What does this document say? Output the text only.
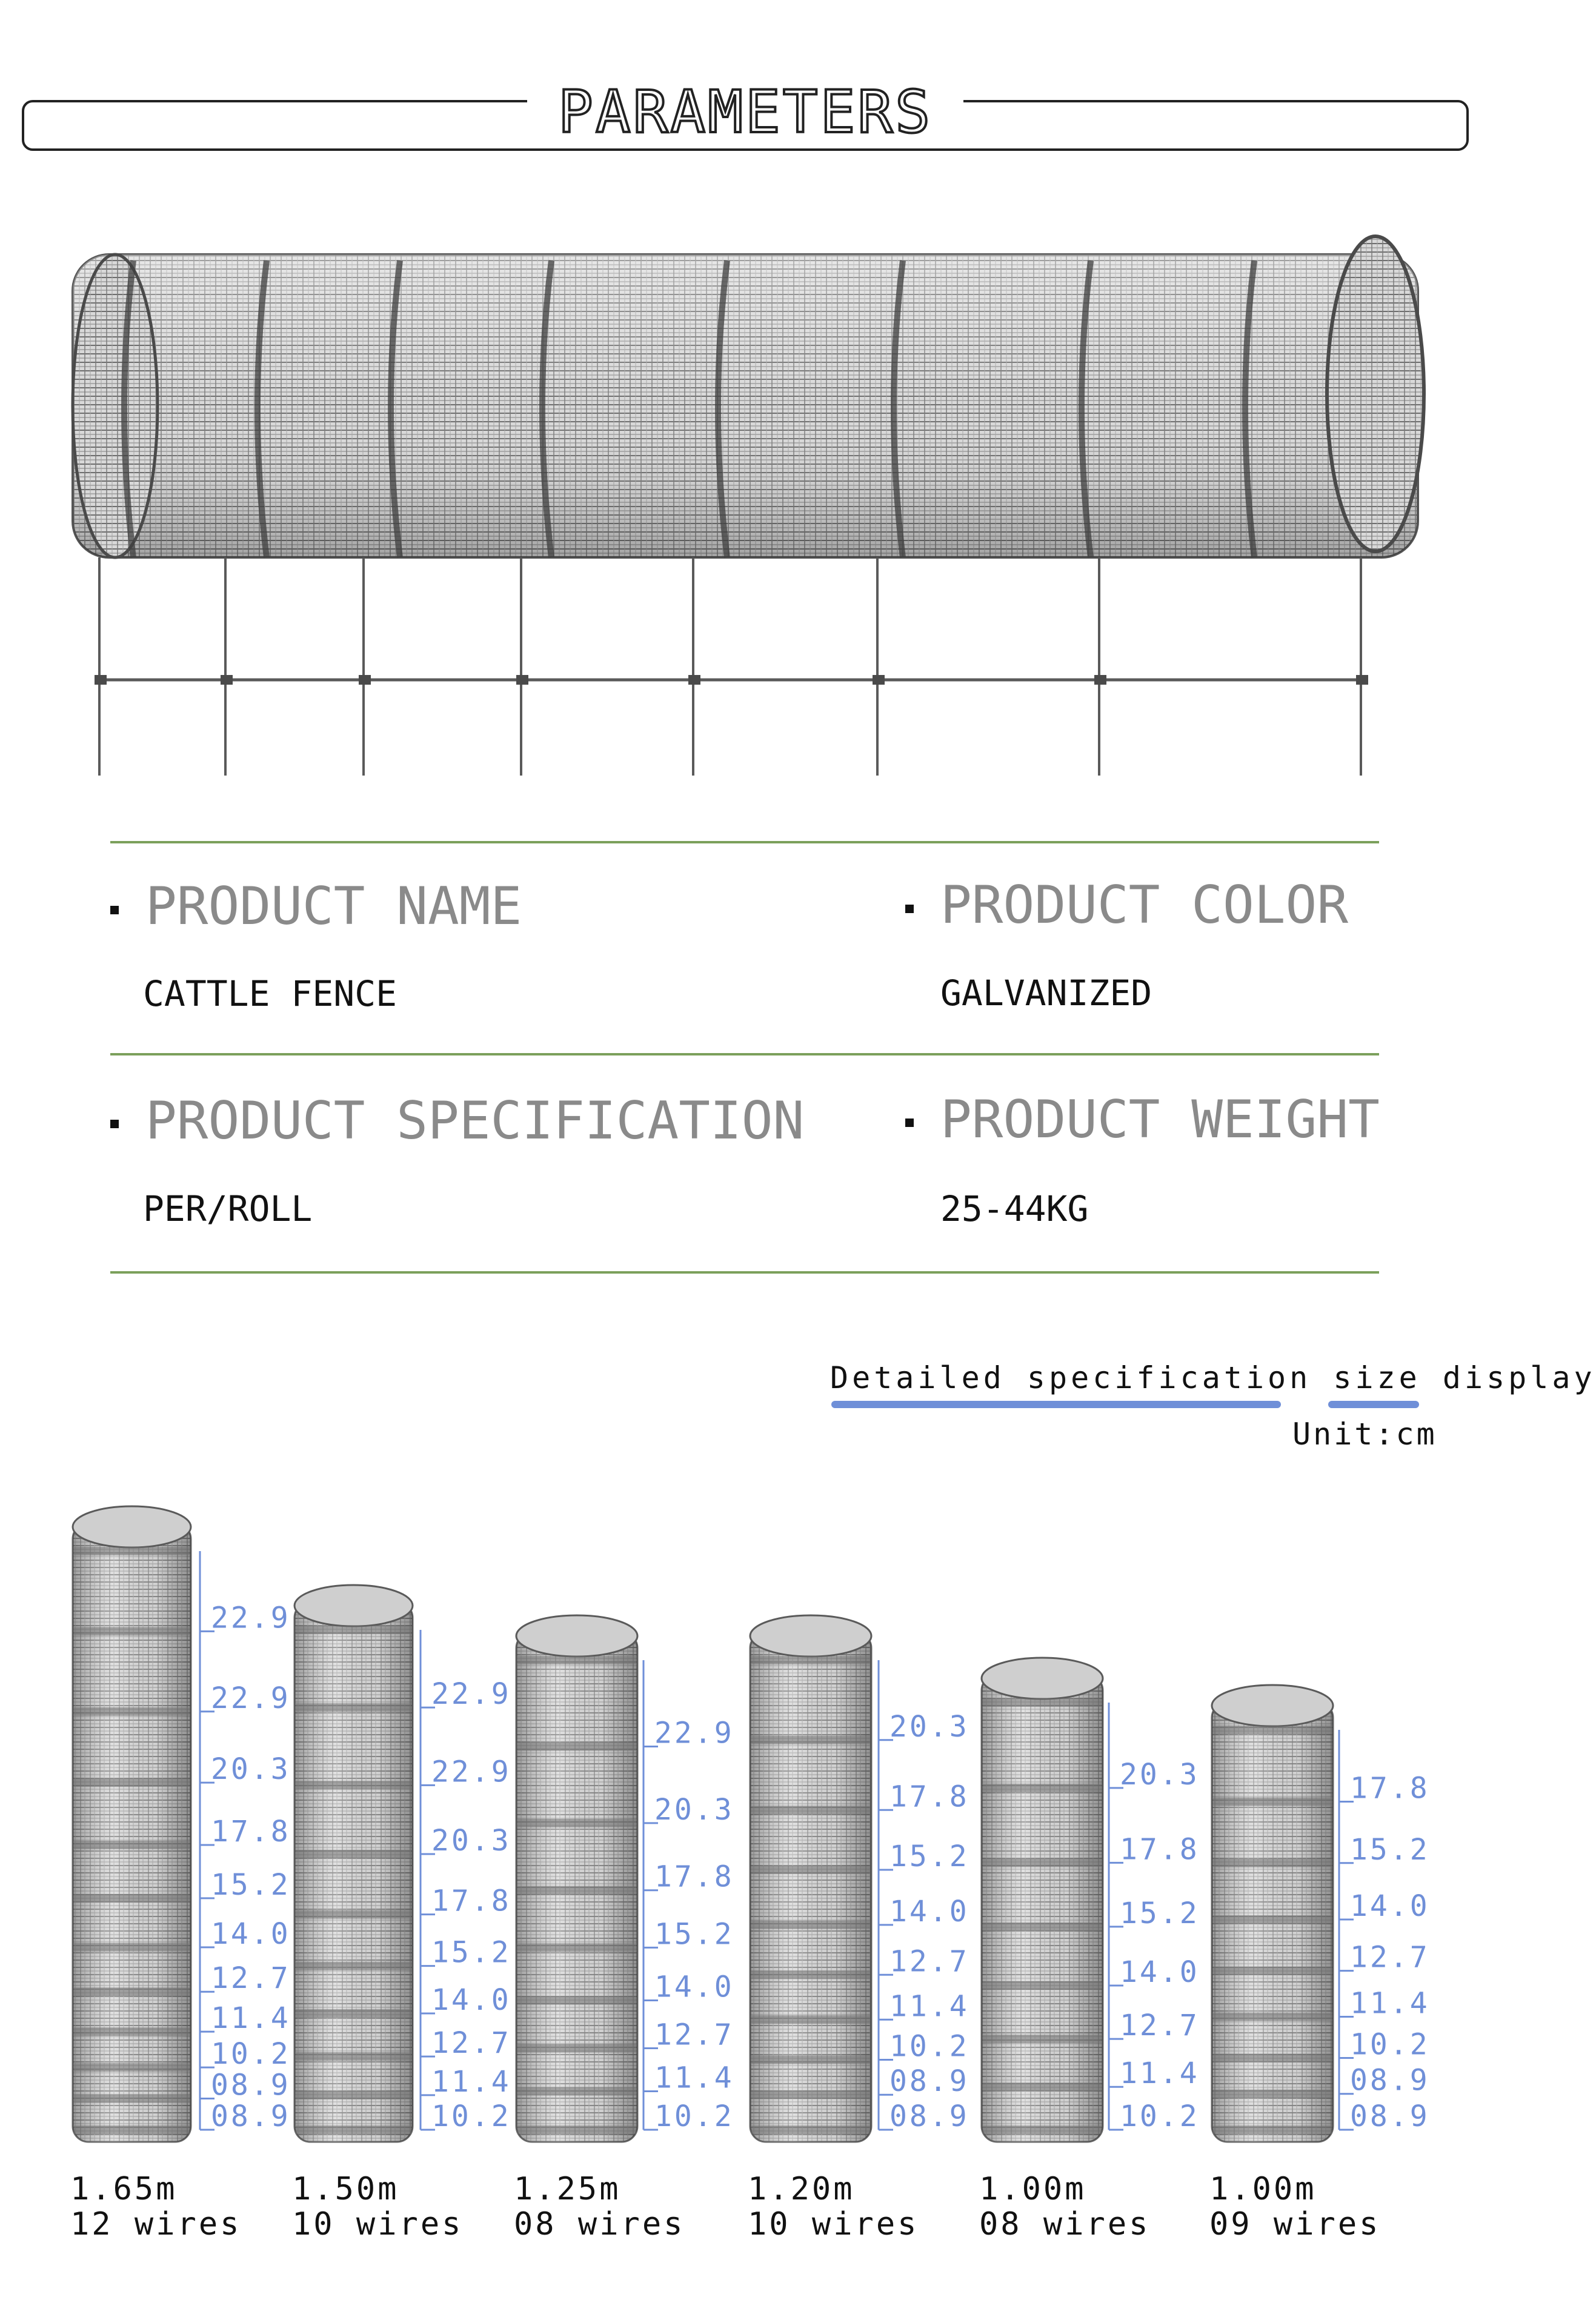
PARAMETERS
PRODUCT NAME
CATTLE FENCE
PRODUCT COLOR
GALVANIZED
PRODUCT SPECIFICATION
PER/ROLL
PRODUCT WEIGHT
25-44KG
Detailed specification size display
Unit:cm
22.9
22.9
20.3
17.8
15.2
14.0
12.7
11.4
10.2
08.9
08.9
1.65m
12 wires
22.9
22.9
20.3
17.8
15.2
14.0
12.7
11.4
10.2
1.50m
10 wires
22.9
20.3
17.8
15.2
14.0
12.7
11.4
10.2
1.25m
08 wires
20.3
17.8
15.2
14.0
12.7
11.4
10.2
08.9
08.9
1.20m
10 wires
20.3
17.8
15.2
14.0
12.7
11.4
10.2
1.00m
08 wires
17.8
15.2
14.0
12.7
11.4
10.2
08.9
08.9
1.00m
09 wires
